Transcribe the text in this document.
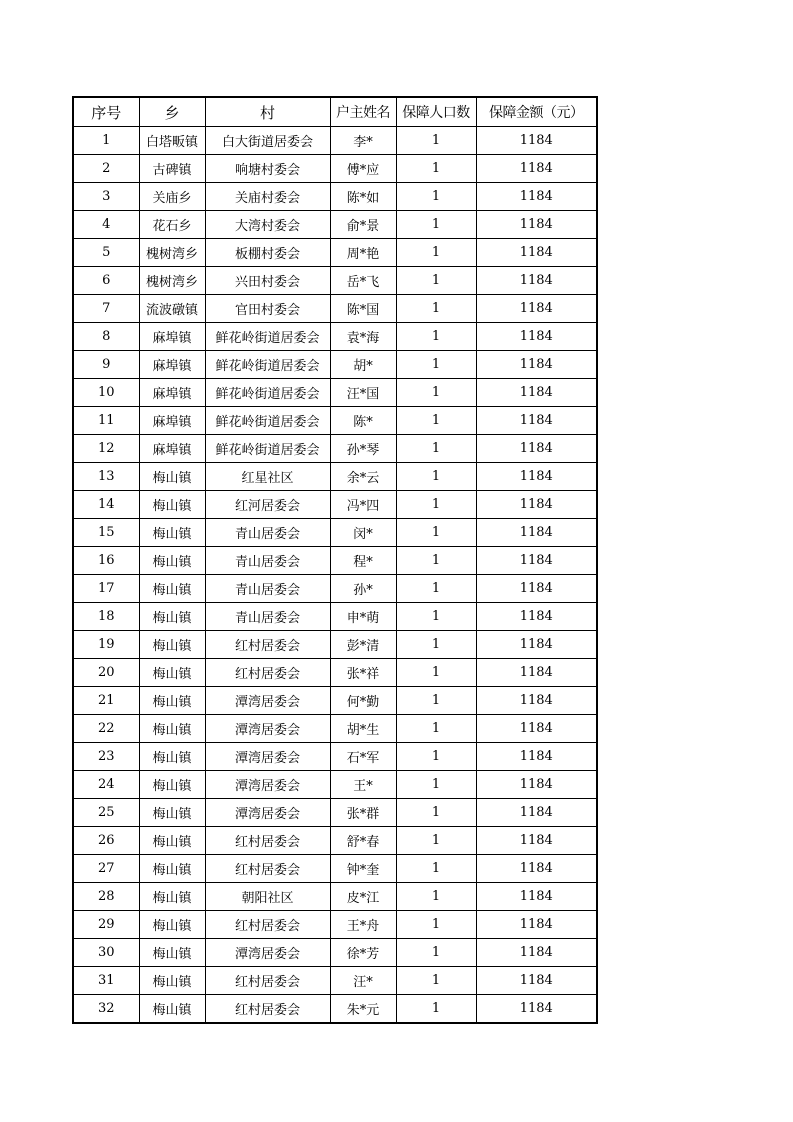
序号	乡	村	户主姓名	保障人口数	保障金额（元）
1	白塔畈镇	白大街道居委会	李*	1	1184
2	古碑镇	响塘村委会	傅*应	1	1184
3	关庙乡	关庙村委会	陈*如	1	1184
4	花石乡	大湾村委会	俞*景	1	1184
5	槐树湾乡	板棚村委会	周*艳	1	1184
6	槐树湾乡	兴田村委会	岳*飞	1	1184
7	流波礅镇	官田村委会	陈*国	1	1184
8	麻埠镇	鲜花岭街道居委会	袁*海	1	1184
9	麻埠镇	鲜花岭街道居委会	胡*	1	1184
10	麻埠镇	鲜花岭街道居委会	汪*国	1	1184
11	麻埠镇	鲜花岭街道居委会	陈*	1	1184
12	麻埠镇	鲜花岭街道居委会	孙*琴	1	1184
13	梅山镇	红星社区	余*云	1	1184
14	梅山镇	红河居委会	冯*四	1	1184
15	梅山镇	青山居委会	闵*	1	1184
16	梅山镇	青山居委会	程*	1	1184
17	梅山镇	青山居委会	孙*	1	1184
18	梅山镇	青山居委会	申*萌	1	1184
19	梅山镇	红村居委会	彭*清	1	1184
20	梅山镇	红村居委会	张*祥	1	1184
21	梅山镇	潭湾居委会	何*勤	1	1184
22	梅山镇	潭湾居委会	胡*生	1	1184
23	梅山镇	潭湾居委会	石*军	1	1184
24	梅山镇	潭湾居委会	王*	1	1184
25	梅山镇	潭湾居委会	张*群	1	1184
26	梅山镇	红村居委会	舒*春	1	1184
27	梅山镇	红村居委会	钟*奎	1	1184
28	梅山镇	朝阳社区	皮*江	1	1184
29	梅山镇	红村居委会	王*舟	1	1184
30	梅山镇	潭湾居委会	徐*芳	1	1184
31	梅山镇	红村居委会	汪*	1	1184
32	梅山镇	红村居委会	朱*元	1	1184
